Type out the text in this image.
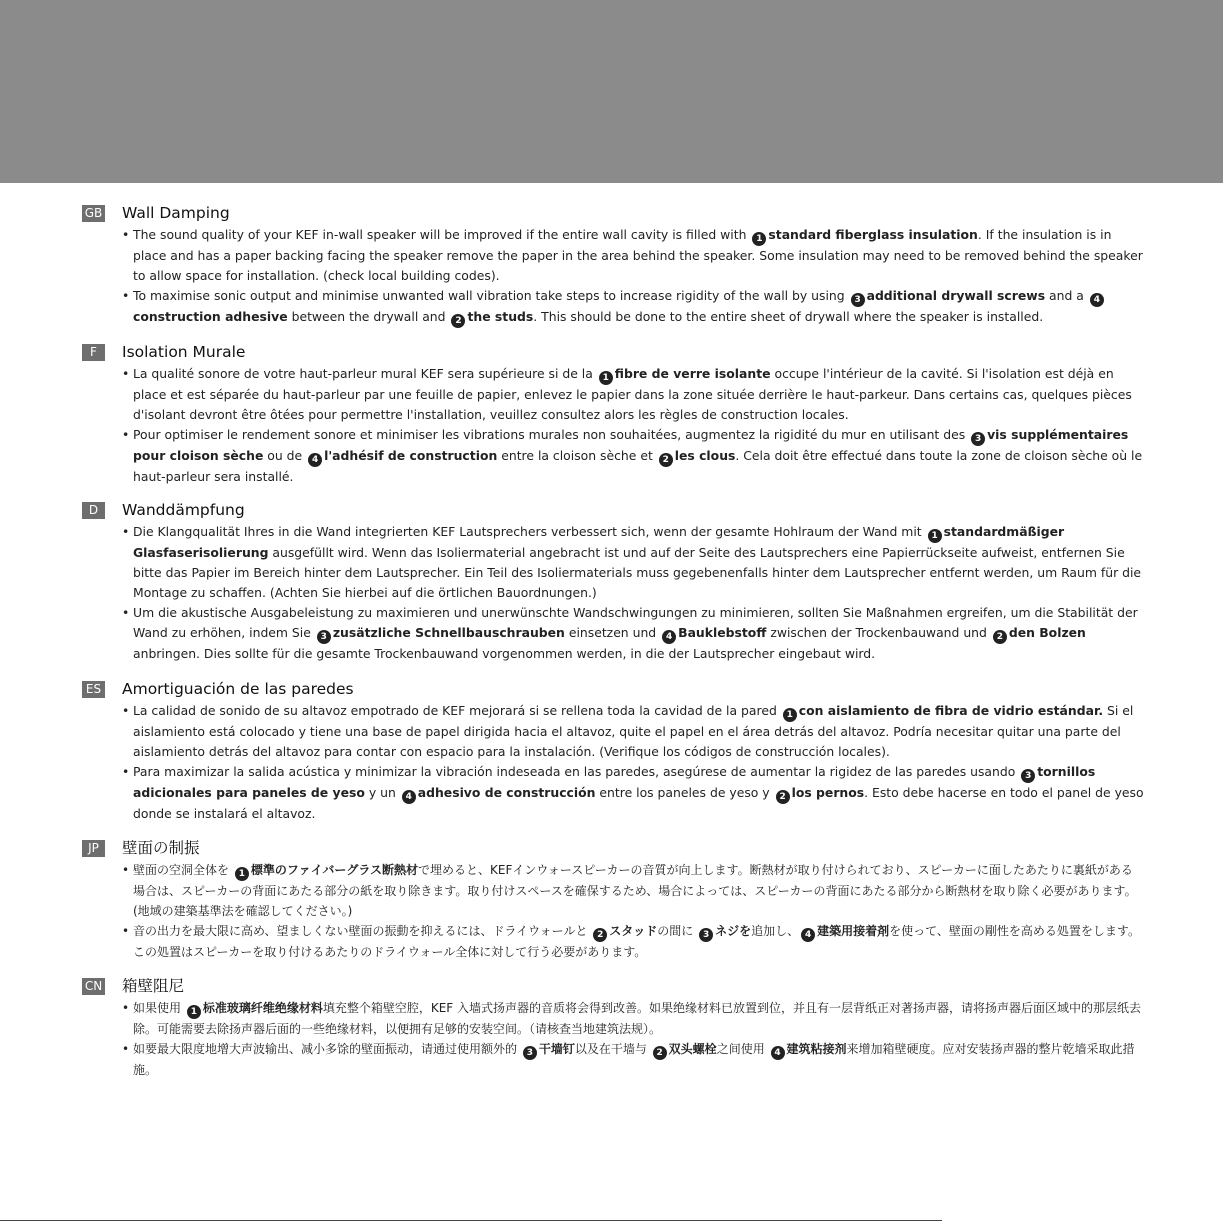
GB Wall Damping
• The sound quality of your KEF in-wall speaker will be improved if the entire wall cavity is filled with 1 standard fiberglass insulation. If the insulation is in place and has a paper backing facing the speaker remove the paper in the area behind the speaker. Some insulation may need to be removed behind the speaker to allow space for installation. (check local building codes).

• To maximise sonic output and minimise unwanted wall vibration take steps to increase rigidity of the wall by using 3 additional drywall screws and a 4construction adhesive between the drywall and 2 the studs. This should be done to the entire sheet of drywall where the speaker is installed.

F	Isolation Murale
• La qualité sonore de votre haut-parleur mural KEF sera supérieure si de la 1 fibre de verre isolante occupe l'intérieur de la cavité. Si l'isolation est déjà en place et est séparée du haut-parleur par une feuille de papier, enlevez le papier dans la zone située derrière le haut-parkeur. Dans certains cas, quelques pièces d'isolant devront être ôtées pour permettre l'installation, veuillez consultez alors les règles de construction locales.

• Pour optimiser le rendement sonore et minimiser les vibrations murales non souhaitées, augmentez la rigidité du mur en utilisant des 3 vis supplémentaires pour cloison sèche ou de 4 l'adhésif de construction entre la cloison sèche et 2 les clous. Cela doit être effectué dans toute la zone de cloison sèche où le haut-parleur sera installé.

D	Wanddämpfung
• Die Klangqualität Ihres in die Wand integrierten KEF Lautsprechers verbessert sich, wenn der gesamte Hohlraum der Wand mit 1 standardmäßiger Glasfaserisolierung ausgefüllt wird. Wenn das Isoliermaterial angebracht ist und auf der Seite des Lautsprechers eine Papierrückseite aufweist, entfernen Sie bitte das Papier im Bereich hinter dem Lautsprecher. Ein Teil des Isoliermaterials muss gegebenenfalls hinter dem Lautsprecher entfernt werden, um Raum für die Montage zu schaffen. (Achten Sie hierbei auf die örtlichen Bauordnungen.)

• Um die akustische Ausgabeleistung zu maximieren und unerwünschte Wandschwingungen zu minimieren, sollten Sie Maßnahmen ergreifen, um die Stabilität der Wand zu erhöhen, indem Sie 3 zusätzliche Schnellbauschrauben einsetzen und 4 Bauklebstoff zwischen der Trockenbauwand und 2 den Bolzen anbringen. Dies sollte für die gesamte Trockenbauwand vorgenommen werden, in die der Lautsprecher eingebaut wird.

ES Amortiguación de las paredes
• La calidad de sonido de su altavoz empotrado de KEF mejorará si se rellena toda la cavidad de la pared 1 con aislamiento de fibra de vidrio estándar. Si el aislamiento está colocado y tiene una base de papel dirigida hacia el altavoz, quite el papel en el área detrás del altavoz. Podría necesitar quitar una parte del aislamiento detrás del altavoz para contar con espacio para la instalación. (Verifique los códigos de construcción locales).

• Para maximizar la salida acústica y minimizar la vibración indeseada en las paredes, asegúrese de aumentar la rigidez de las paredes usando 3 tornillos adicionales para paneles de yeso y un 4 adhesivo de construcción entre los paneles de yeso y 2 los pernos. Esto debe hacerse en todo el panel de yeso donde se instalará el altavoz.

JP	壁面の制振
• 壁面の空洞全体を 1 標準のファイバーグラス断熱材で埋めると、KEFインウォースピーカーの音質が向上します。断熱材が取り付けられており、スピーカーに面したあたりに裏紙がある場合は、スピーカーの背面にあたる部分の紙を取り除きます。取り付けスペースを確保するため、場合によっては、スピーカーの背面にあたる部分から断熱材を取り除く必要があります。(地域の建築基準法を確認してください。)

• 音の出力を最大限に高め、望ましくない壁面の振動を抑えるには、ドライウォールと 2 スタッドの間に 3 ネジを追加し、 4 建築用接着剤を使って、壁面の剛性を高める処置をします。この処置はスピーカーを取り付けるあたりのドライウォール全体に対して行う必要があります。

CN 箱壁阻尼
• 如果使用 1 标准玻璃纤维绝缘材料填充整个箱壁空腔，KEF 入墙式扬声器的音质将会得到改善。如果绝缘材料已放置到位，并且有一层背纸正对著扬声器，请将扬声器后面区域中的那层纸去除。可能需要去除扬声器后面的一些绝缘材料，以便拥有足够的安装空间。（请核查当地建筑法规）。

• 如要最大限度地增大声波输出、减小多馀的壁面振动，请通过使用额外的 3 干墙钉以及在干墙与 2 双头螺栓之间使用 4 建筑粘接剂来增加箱壁硬度。应对安装扬声器的整片乾墙采取此措施。
